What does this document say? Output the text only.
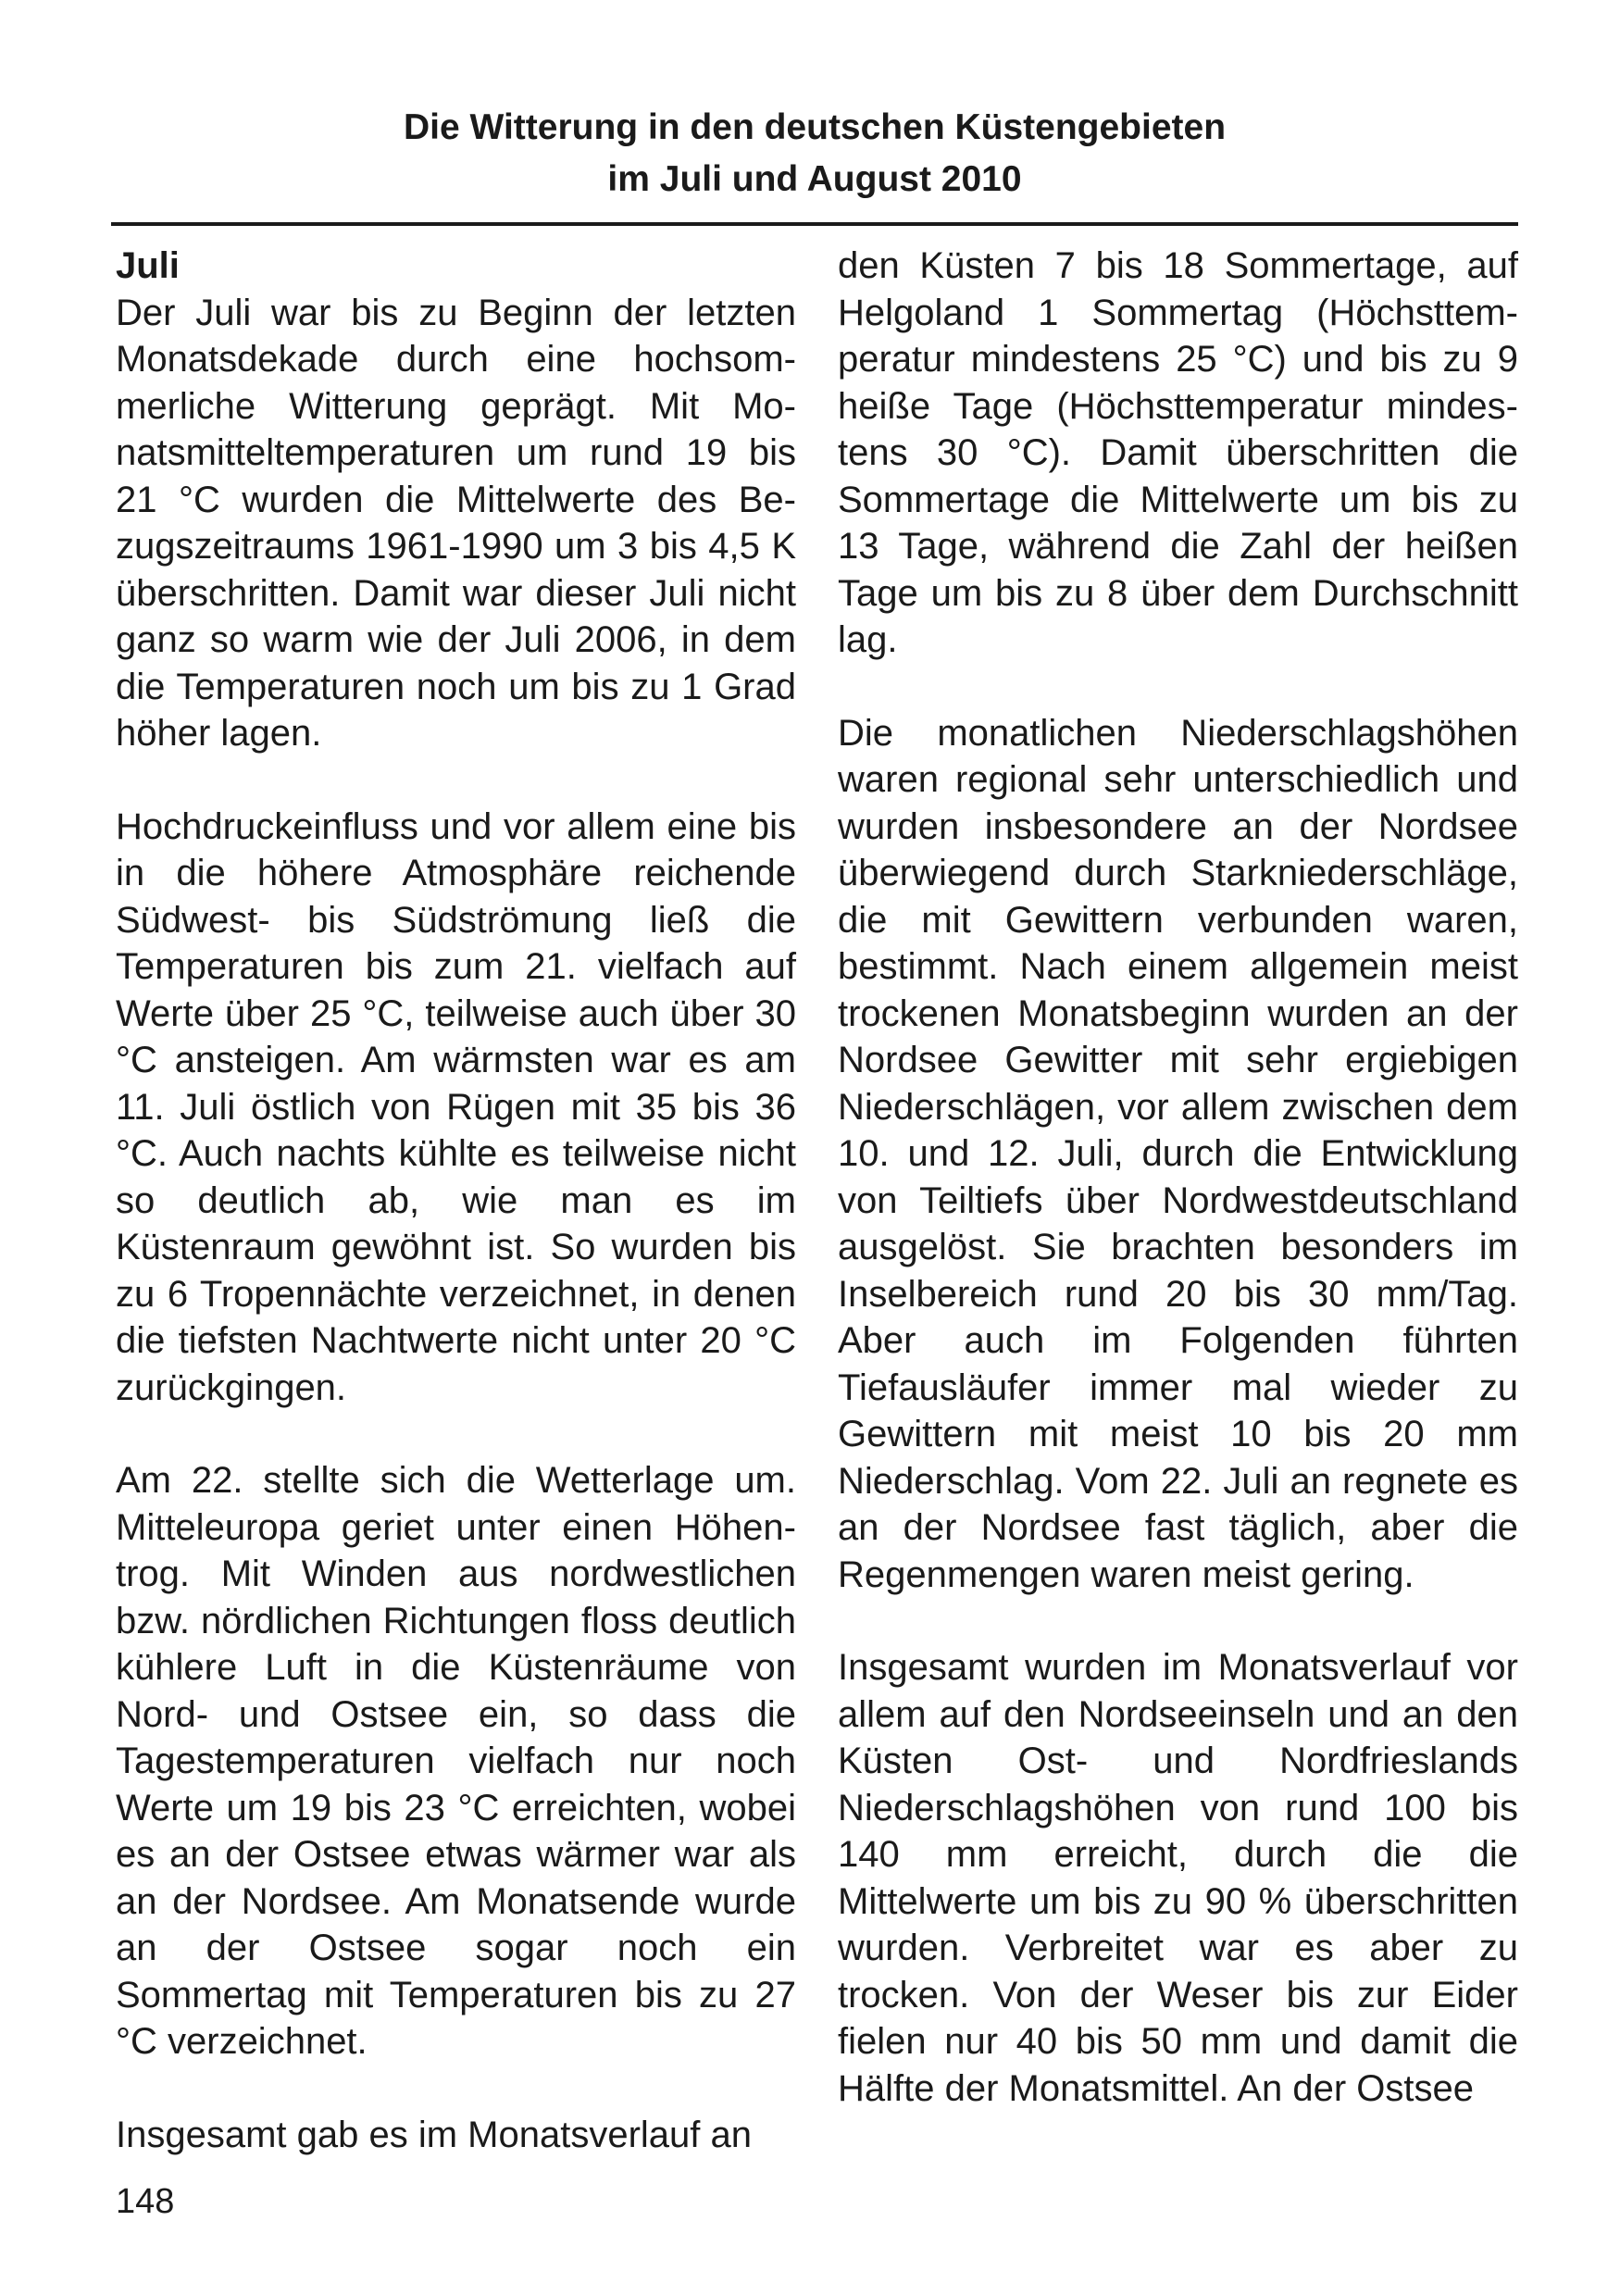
Die Witterung in den deutschen Küstengebieten
im Juli und August 2010

Juli
Der Juli war bis zu Beginn der letzten Monatsdekade durch eine hochsommerliche Witterung geprägt. Mit Monatsmitteltemperaturen um rund 19 bis 21 °C wurden die Mittelwerte des Bezugszeitraums 1961-1990 um 3 bis 4,5 K überschritten. Damit war dieser Juli nicht ganz so warm wie der Juli 2006, in dem die Temperaturen noch um bis zu 1 Grad höher lagen.

Hochdruckeinfluss und vor allem eine bis in die höhere Atmosphäre reichende Südwest- bis Südströmung ließ die Temperaturen bis zum 21. vielfach auf Werte über 25 °C, teilweise auch über 30 °C ansteigen. Am wärmsten war es am 11. Juli östlich von Rügen mit 35 bis 36 °C. Auch nachts kühlte es teilweise nicht so deutlich ab, wie man es im Küstenraum gewöhnt ist. So wurden bis zu 6 Tropennächte verzeichnet, in denen die tiefsten Nachtwerte nicht unter 20 °C zurückgingen.

Am 22. stellte sich die Wetterlage um. Mitteleuropa geriet unter einen Höhentrog. Mit Winden aus nordwestlichen bzw. nördlichen Richtungen floss deutlich kühlere Luft in die Küstenräume von Nord- und Ostsee ein, so dass die Tagestemperaturen vielfach nur noch Werte um 19 bis 23 °C erreichten, wobei es an der Ostsee etwas wärmer war als an der Nordsee. Am Monatsende wurde an der Ostsee sogar noch ein Sommertag mit Temperaturen bis zu 27 °C verzeichnet.

Insgesamt gab es im Monatsverlauf an

den Küsten 7 bis 18 Sommertage, auf Helgoland 1 Sommertag (Höchsttemperatur mindestens 25 °C) und bis zu 9 heiße Tage (Höchsttemperatur mindestens 30 °C). Damit überschritten die Sommertage die Mittelwerte um bis zu 13 Tage, während die Zahl der heißen Tage um bis zu 8 über dem Durchschnitt lag.

Die monatlichen Niederschlagshöhen waren regional sehr unterschiedlich und wurden insbesondere an der Nordsee überwiegend durch Starkniederschläge, die mit Gewittern verbunden waren, bestimmt. Nach einem allgemein meist trockenen Monatsbeginn wurden an der Nordsee Gewitter mit sehr ergiebigen Niederschlägen, vor allem zwischen dem 10. und 12. Juli, durch die Entwicklung von Teiltiefs über Nordwestdeutschland ausgelöst. Sie brachten besonders im Inselbereich rund 20 bis 30 mm/Tag. Aber auch im Folgenden führten Tiefausläufer immer mal wieder zu Gewittern mit meist 10 bis 20 mm Niederschlag. Vom 22. Juli an regnete es an der Nordsee fast täglich, aber die Regenmengen waren meist gering.

Insgesamt wurden im Monatsverlauf vor allem auf den Nordseeinseln und an den Küsten Ost- und Nordfrieslands Niederschlagshöhen von rund 100 bis 140 mm erreicht, durch die die Mittelwerte um bis zu 90 % überschritten wurden. Verbreitet war es aber zu trocken. Von der Weser bis zur Eider fielen nur 40 bis 50 mm und damit die Hälfte der Monatsmittel. An der Ostsee

148
